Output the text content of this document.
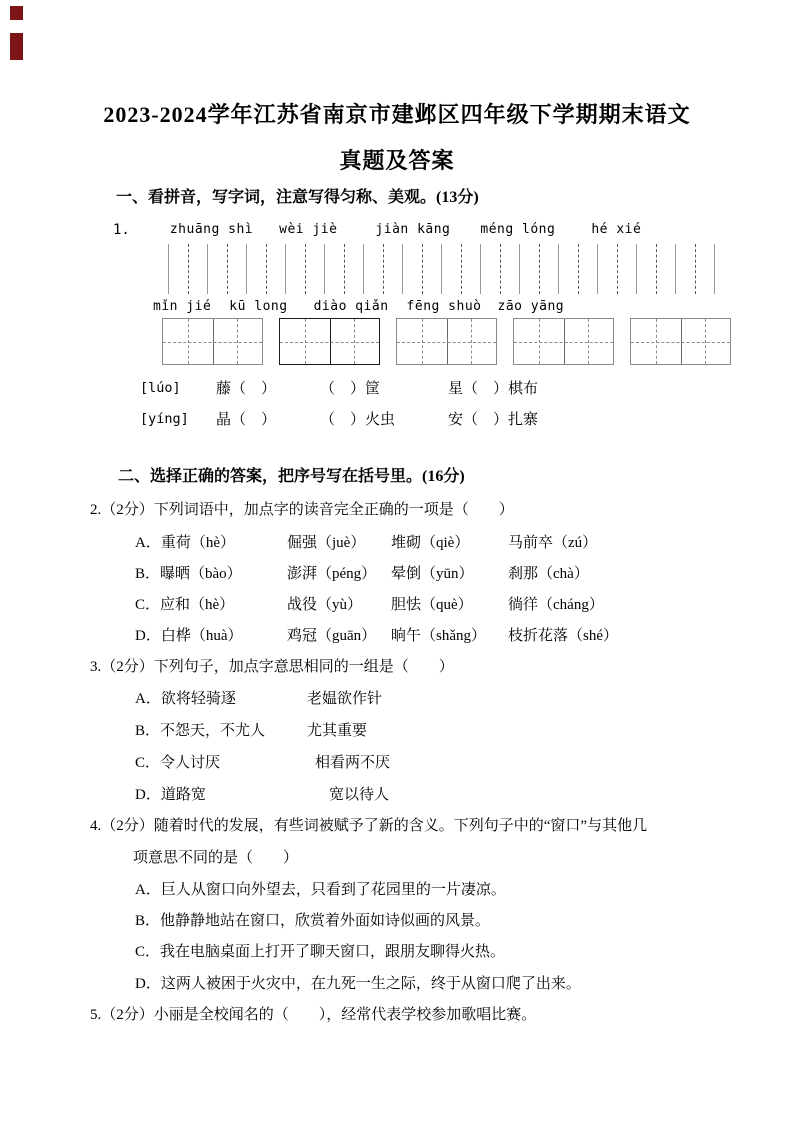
2023-2024学年江苏省南京市建邺区四年级下学期期末语文
真题及答案
一、看拼音，写字词，注意写得匀称、美观。(13分)
1.	zhuāng shì wèi jiè	jiàn kāng méng lóng	hé xié
mǐn jié kū long diào qiǎn fēng shuò zāo yāng
[lúo]	藤（　）	（　）筐	星（　）棋布
[yíng]	晶（　）	（　）火虫	安（　）扎寨
二、选择正确的答案，把序号写在括号里。(16分)
2.（2分）下列词语中，加点字的读音完全正确的一项是（　　）
A．重荷（hè）	倔强（juè）	堆砌（qiè）	马前卒（zú）
B．曝晒（bào）	澎湃（péng） 晕倒（yūn）	刹那（chà）
C．应和（hè）	战役（yù）	胆怯（què）	徜徉（cháng）
D．白桦（huà）	鸡冠（guān） 晌午（shǎng）	枝折花落（shé）
3.（2分）下列句子，加点字意思相同的一组是（　　）
A．欲将轻骑逐	老媪欲作针
B．不怨天，不尤人	尤其重要
C．令人讨厌	相看两不厌
D．道路宽	宽以待人
4.（2分）随着时代的发展，有些词被赋予了新的含义。下列句子中的“窗口”与其他几
项意思不同的是（　　）
A．巨人从窗口向外望去，只看到了花园里的一片凄凉。
B．他静静地站在窗口，欣赏着外面如诗似画的风景。
C．我在电脑桌面上打开了聊天窗口，跟朋友聊得火热。
D．这两人被困于火灾中，在九死一生之际，终于从窗口爬了出来。
5.（2分）小丽是全校闻名的（　　），经常代表学校参加歌唱比赛。
